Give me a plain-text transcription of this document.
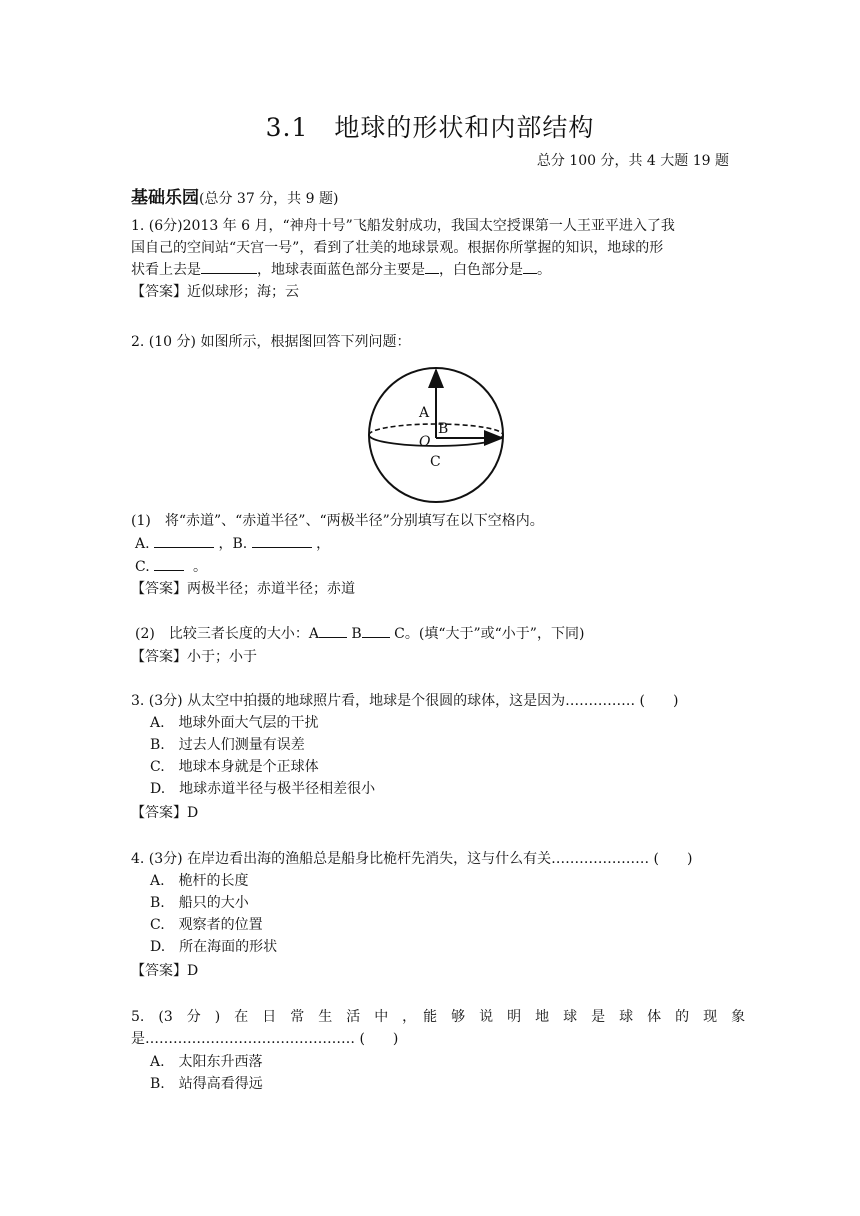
3.1　地球的形状和内部结构
总分 100 分，共 4 大题 19 题
基础乐园(总分 37 分，共 9 题)
1. (6分)2013 年 6 月，“神舟十号”飞船发射成功，我国太空授课第一人王亚平进入了我
国自己的空间站“天宫一号”，看到了壮美的地球景观。根据你所掌握的知识，地球的形
状看上去是	，地球表面蓝色部分主要是 ，白色部分是 。
【答案】近似球形；海；云
2. (10 分) 如图所示，根据图回答下列问题：
A
B
O
C
(1)　将“赤道”、“赤道半径”、“两极半径”分别填写在以下空格内。
A.	，B.	，
C.	。
【答案】两极半径；赤道半径；赤道
(2)　比较三者长度的大小：A B C。(填“大于”或“小于”，下同)
【答案】小于；小于
3. (3分) 从太空中拍摄的地球照片看，地球是个很圆的球体，这是因为…………… (　　)
A.　地球外面大气层的干扰
B.　过去人们测量有误差
C.　地球本身就是个正球体
D.　地球赤道半径与极半径相差很小
【答案】D
4. (3分) 在岸边看出海的渔船总是船身比桅杆先消失，这与什么有关………………… (　　)
A.　桅杆的长度
B.　船只的大小
C.　观察者的位置
D.　所在海面的形状
【答案】D
5.　(3　分　)　在　日　常　生　活　中　，　能　够　说　明　地　球　是　球　体　的　现　象
是……………………………………… (　　)
A.　太阳东升西落
B.　站得高看得远
